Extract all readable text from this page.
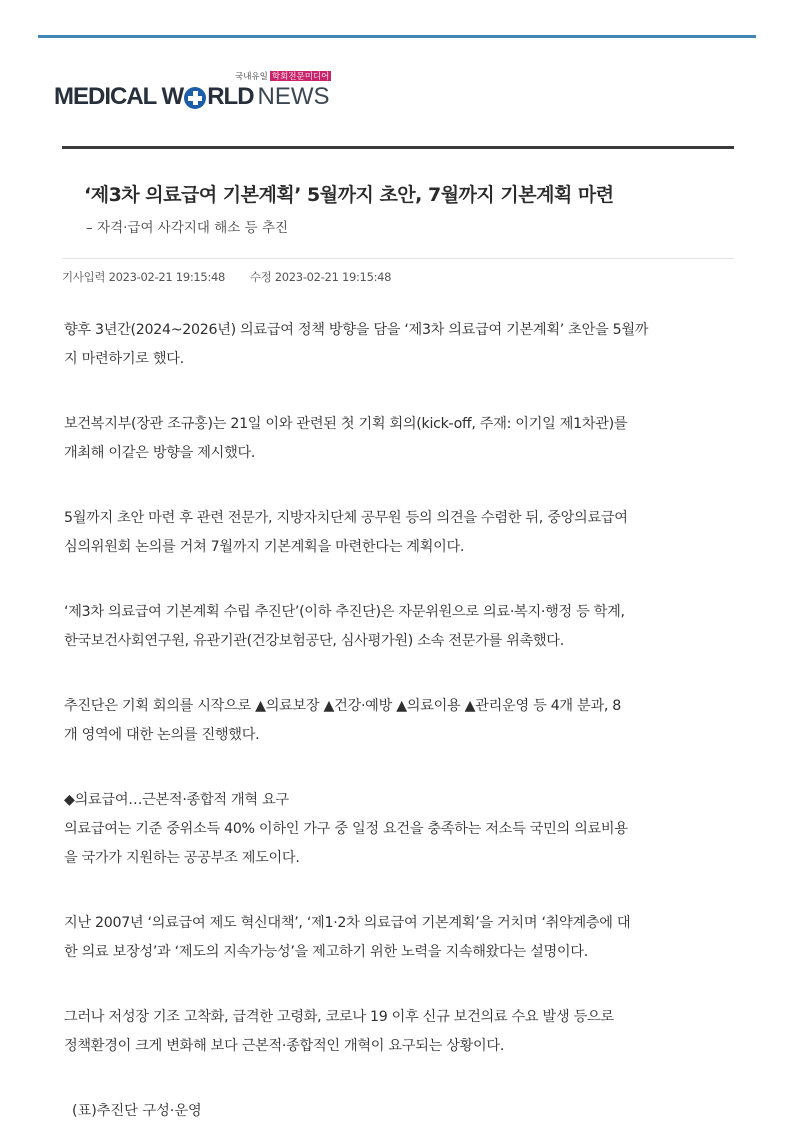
국내유일 학회전문미디어
MEDICAL W RLD NEWS
‘제3차 의료급여 기본계획’ 5월까지 초안, 7월까지 기본계획 마련
– 자격·급여 사각지대 해소 등 추진
기사입력 2023-02-21 19:15:48 수정 2023-02-21 19:15:48

향후 3년간(2024~2026년) 의료급여 정책 방향을 담을 ‘제3차 의료급여 기본계획’ 초안을 5월까

지 마련하기로 했다.

보건복지부(장관 조규홍)는 21일 이와 관련된 첫 기획 회의(kick-off, 주재: 이기일 제1차관)를

개최해 이같은 방향을 제시했다.

5월까지 초안 마련 후 관련 전문가, 지방자치단체 공무원 등의 의견을 수렴한 뒤, 중앙의료급여

심의위원회 논의를 거쳐 7월까지 기본계획을 마련한다는 계획이다.

‘제3차 의료급여 기본계획 수립 추진단’(이하 추진단)은 자문위원으로 의료·복지·행정 등 학계,

한국보건사회연구원, 유관기관(건강보험공단, 심사평가원) 소속 전문가를 위촉했다.

추진단은 기획 회의를 시작으로 ▲의료보장 ▲건강·예방 ▲의료이용 ▲관리운영 등 4개 분과, 8

개 영역에 대한 논의를 진행했다.

◆의료급여…근본적·종합적 개혁 요구

의료급여는 기준 중위소득 40% 이하인 가구 중 일정 요건을 충족하는 저소득 국민의 의료비용

을 국가가 지원하는 공공부조 제도이다.

지난 2007년 ‘의료급여 제도 혁신대책’, ‘제1·2차 의료급여 기본계획’을 거치며 ‘취약계층에 대

한 의료 보장성’과 ‘제도의 지속가능성’을 제고하기 위한 노력을 지속해왔다는 설명이다.

그러나 저성장 기조 고착화, 급격한 고령화, 코로나 19 이후 신규 보건의료 수요 발생 등으로

정책환경이 크게 변화해 보다 근본적·종합적인 개혁이 요구되는 상황이다.

(표)추진단 구성·운영
